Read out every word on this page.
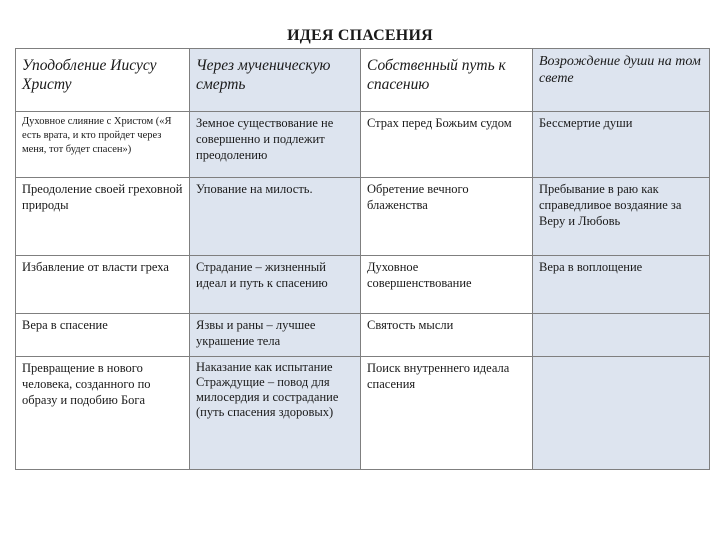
ИДЕЯ СПАСЕНИЯ
Уподобление Иисусу Христу	Через мученическую смерть	Собственный путь к спасению	Возрождение души на том свете
Духовное слияние с Христом («Я есть врата, и кто пройдет через меня, тот будет спасен»)	Земное существование не совершенно и подлежит преодолению	Страх перед Божьим судом	Бессмертие души
Преодоление своей греховной природы	Упование на милость.	Обретение вечного блаженства	Пребывание в раю как справедливое воздаяние за Веру и Любовь
Избавление от власти греха	Страдание – жизненный идеал и путь к спасению	Духовное совершенствование	Вера в воплощение
Вера в спасение	Язвы и раны – лучшее украшение тела	Святость мысли	
Превращение в нового человека, созданного по образу и подобию Бога	Наказание как испытание Страждущие – повод для милосердия и сострадание (путь спасения здоровых)	Поиск внутреннего идеала спасения	
